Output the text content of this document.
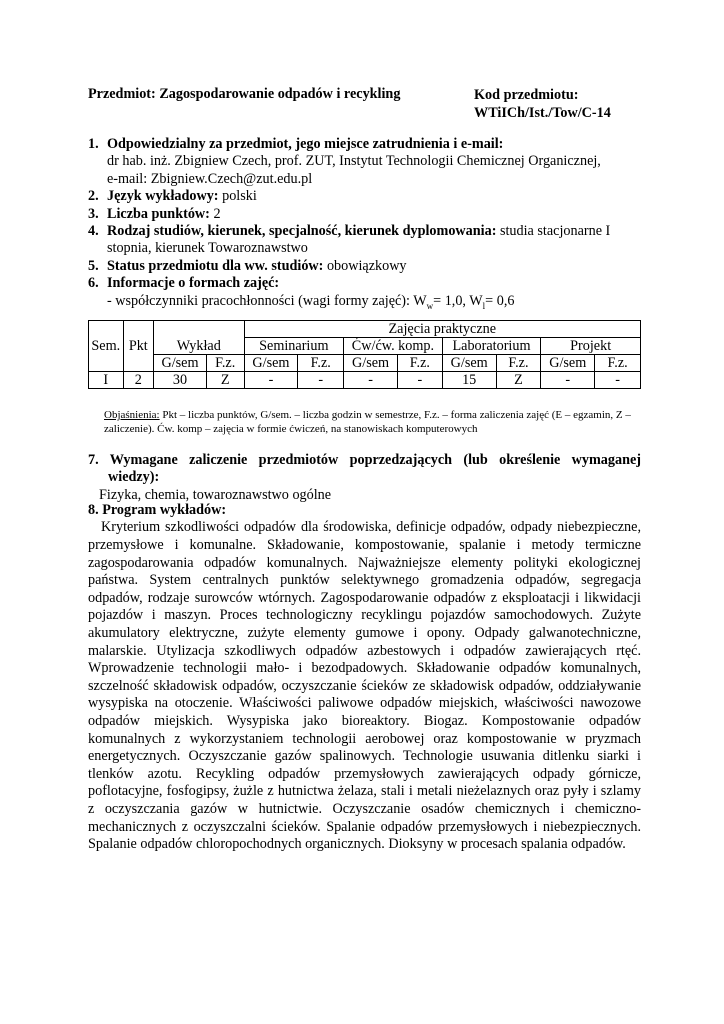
Przedmiot: Zagospodarowanie odpadów i recykling	Kod przedmiotu:
WTiICh/Ist./Tow/C-14
1. Odpowiedzialny za przedmiot, jego miejsce zatrudnienia i e-mail:
dr hab. inż. Zbigniew Czech, prof. ZUT, Instytut Technologii Chemicznej Organicznej,
e-mail: Zbigniew.Czech@zut.edu.pl
2. Język wykładowy: polski
3. Liczba punktów: 2
4. Rodzaj studiów, kierunek, specjalność, kierunek dyplomowania: studia stacjonarne I
stopnia, kierunek Towaroznawstwo
5. Status przedmiotu dla ww. studiów: obowiązkowy
6. Informacje o formach zajęć:
- współczynniki pracochłonności (wagi formy zajęć): $W_w= 1,0$, $W_l= 0,6$
Sem.	Pkt	Wykład		Zajęcia praktyczne							
				Seminarium		Ćw/ćw. komp.		Laboratorium		Projekt	
		G/sem	F.z.	G/sem	F.z.	G/sem	F.z.	G/sem	F.z.	G/sem	F.z.
I	2	30	Z	-	-	-	-	15	Z	-	-
Objaśnienia: Pkt – liczba punktów, G/sem. – liczba godzin w semestrze, F.z. – forma zaliczenia zajęć (E – egzamin, Z – zaliczenie). Ćw. komp – zajęcia w formie ćwiczeń, na stanowiskach komputerowych
7. Wymagane zaliczenie przedmiotów poprzedzających (lub określenie wymaganej
wiedzy):
Fizyka, chemia, towaroznawstwo ogólne
8. Program wykładów:

Kryterium szkodliwości odpadów dla środowiska, definicje odpadów, odpady niebezpieczne, przemysłowe i komunalne. Składowanie, kompostowanie, spalanie i metody termiczne zagospodarowania odpadów komunalnych. Najważniejsze elementy polityki ekologicznej państwa. System centralnych punktów selektywnego gromadzenia odpadów, segregacja odpadów, rodzaje surowców wtórnych. Zagospodarowanie odpadów z eksploatacji i likwidacji pojazdów i maszyn. Proces technologiczny recyklingu pojazdów samochodowych. Zużyte akumulatory elektryczne, zużyte elementy gumowe i opony. Odpady galwanotechniczne, malarskie. Utylizacja szkodliwych odpadów azbestowych i odpadów zawierających rtęć. Wprowadzenie technologii mało- i bezodpadowych. Składowanie odpadów komunalnych, szczelność składowisk odpadów, oczyszczanie ścieków ze składowisk odpadów, oddziaływanie wysypiska na otoczenie. Właściwości paliwowe odpadów miejskich, właściwości nawozowe odpadów miejskich. Wysypiska jako bioreaktory. Biogaz. Kompostowanie odpadów komunalnych z wykorzystaniem technologii aerobowej oraz kompostowanie w pryzmach energetycznych. Oczyszczanie gazów spalinowych. Technologie usuwania ditlenku siarki i tlenków azotu. Recykling odpadów przemysłowych zawierających odpady górnicze, poflotacyjne, fosfogipsy, żużle z hutnictwa żelaza, stali i metali nieżelaznych oraz pyły i szlamy z oczyszczania gazów w hutnictwie. Oczyszczanie osadów chemicznych i chemiczno-mechanicznych z oczyszczalni ścieków. Spalanie odpadów przemysłowych i niebezpiecznych. Spalanie odpadów chloropochodnych organicznych. Dioksyny w procesach spalania odpadów.
